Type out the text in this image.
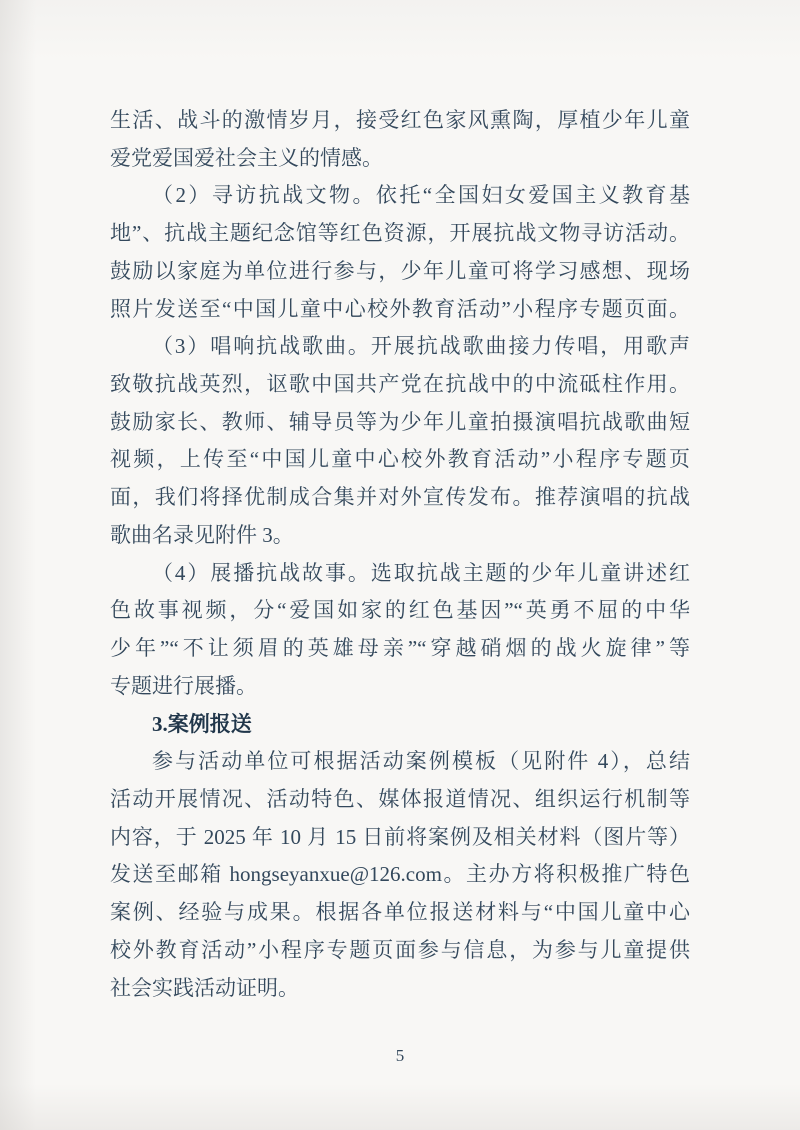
生活、战斗的激情岁月，接受红色家风熏陶，厚植少年儿童
爱党爱国爱社会主义的情感。
（2）寻访抗战文物。依托“全国妇女爱国主义教育基
地”、抗战主题纪念馆等红色资源，开展抗战文物寻访活动。
鼓励以家庭为单位进行参与，少年儿童可将学习感想、现场
照片发送至“中国儿童中心校外教育活动”小程序专题页面。
（3）唱响抗战歌曲。开展抗战歌曲接力传唱，用歌声
致敬抗战英烈，讴歌中国共产党在抗战中的中流砥柱作用。
鼓励家长、教师、辅导员等为少年儿童拍摄演唱抗战歌曲短
视频，上传至“中国儿童中心校外教育活动”小程序专题页
面，我们将择优制成合集并对外宣传发布。推荐演唱的抗战
歌曲名录见附件 3。
（4）展播抗战故事。选取抗战主题的少年儿童讲述红
色故事视频，分“爱国如家的红色基因”“英勇不屈的中华
少年”“不让须眉的英雄母亲”“穿越硝烟的战火旋律”等
专题进行展播。
3.案例报送
参与活动单位可根据活动案例模板（见附件 4），总结
活动开展情况、活动特色、媒体报道情况、组织运行机制等
内容，于 2025 年 10 月 15 日前将案例及相关材料（图片等）
发送至邮箱 hongseyanxue@126.com。主办方将积极推广特色
案例、经验与成果。根据各单位报送材料与“中国儿童中心
校外教育活动”小程序专题页面参与信息，为参与儿童提供
社会实践活动证明。
5
